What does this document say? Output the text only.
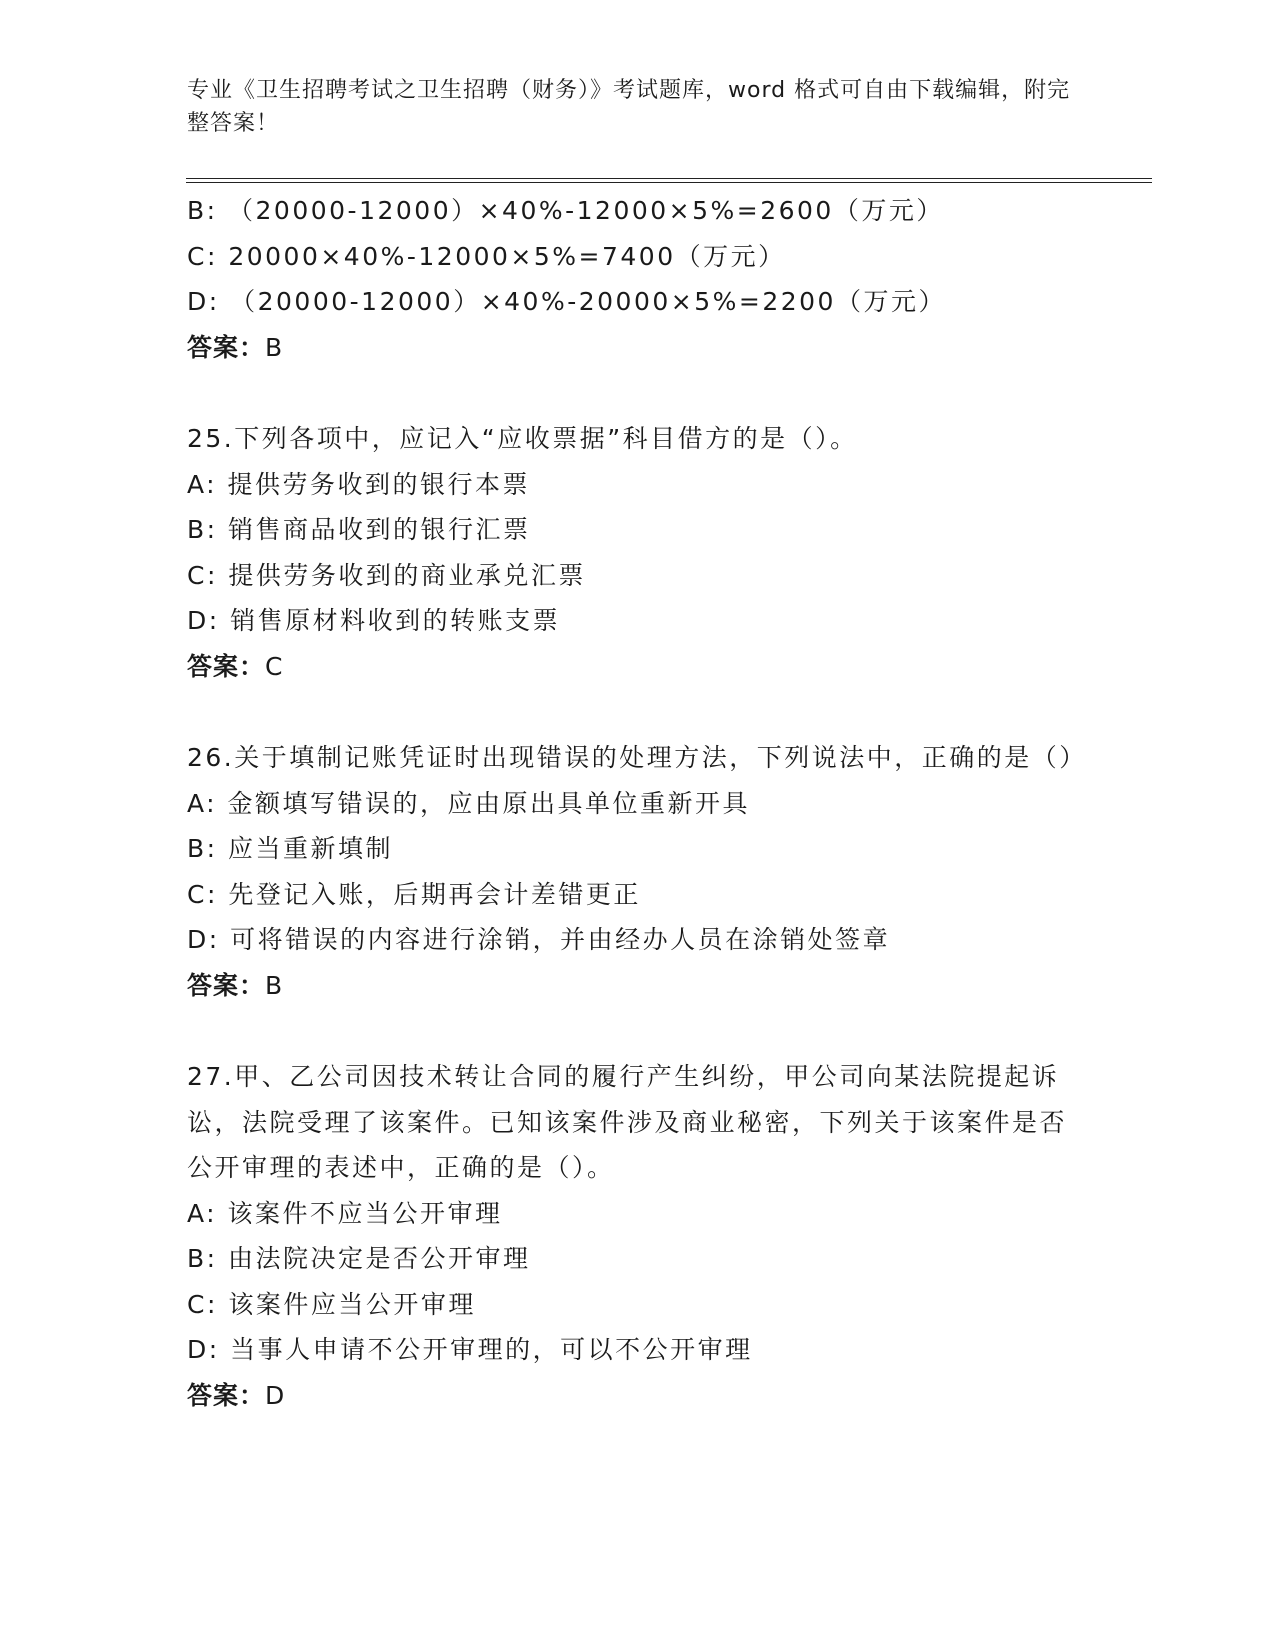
专业《卫生招聘考试之卫生招聘（财务）》考试题库，word 格式可自由下载编辑，附完整答案！
B: （20000-12000）×40%-12000×5%=2600（万元）
C: 20000×40%-12000×5%=7400（万元）
D: （20000-12000）×40%-20000×5%=2200（万元）
答案：B
25.下列各项中，应记入“应收票据”科目借方的是（）。
A: 提供劳务收到的银行本票
B: 销售商品收到的银行汇票
C: 提供劳务收到的商业承兑汇票
D: 销售原材料收到的转账支票
答案：C
26.关于填制记账凭证时出现错误的处理方法，下列说法中，正确的是（）
A: 金额填写错误的，应由原出具单位重新开具
B: 应当重新填制
C: 先登记入账，后期再会计差错更正
D: 可将错误的内容进行涂销，并由经办人员在涂销处签章
答案：B
27.甲、乙公司因技术转让合同的履行产生纠纷，甲公司向某法院提起诉讼，法院受理了该案件。已知该案件涉及商业秘密，下列关于该案件是否公开审理的表述中，正确的是（）。
A: 该案件不应当公开审理
B: 由法院决定是否公开审理
C: 该案件应当公开审理
D: 当事人申请不公开审理的，可以不公开审理
答案：D
